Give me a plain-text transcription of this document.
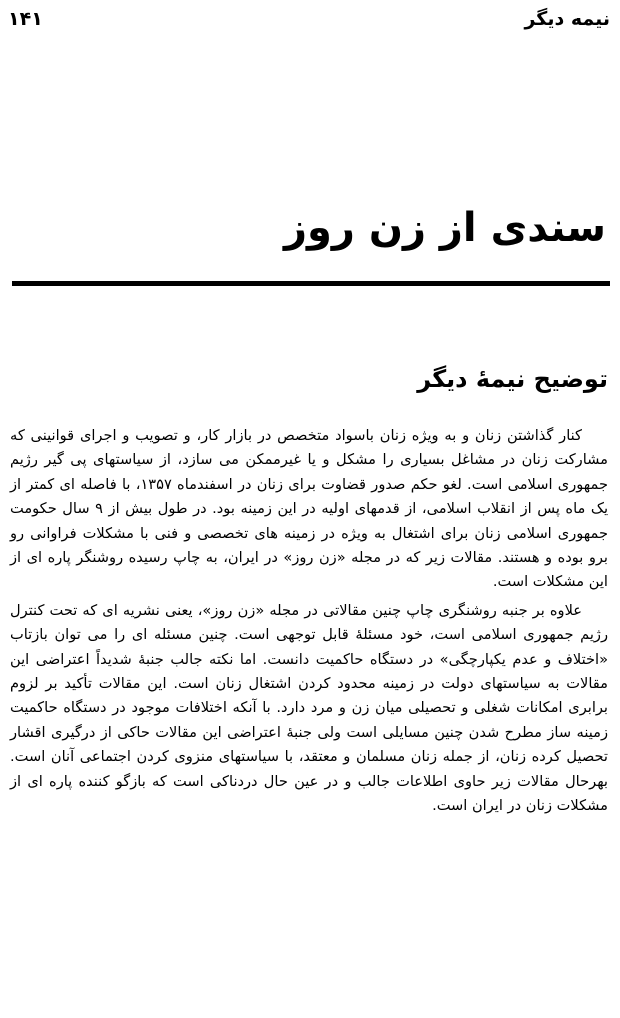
۱۴۱	نیمه دیگر
سندی از زن روز
توضیح نیمهٔ دیگر

کنار گذاشتن زنان و به ویژه زنان باسواد متخصص در بازار کار، و تصویب و اجرای قوانینی که مشارکت زنان در مشاغل بسیاری را مشکل و یا غیرممکن می سازد، از سیاستهای پی گیر رژیم جمهوری اسلامی است. لغو حکم صدور قضاوت برای زنان در اسفندماه ۱۳۵۷، با فاصله ای کمتر از یک ماه پس از انقلاب اسلامی، از قدمهای اولیه در این زمینه بود. در طول بیش از ۹ سال حکومت جمهوری اسلامی زنان برای اشتغال به ویژه در زمینه های تخصصی و فنی با مشکلات فراوانی رو برو بوده و هستند. مقالات زیر که در مجله «زن روز» در ایران، به چاپ رسیده روشنگر پاره ای از این مشکلات است.

علاوه بر جنبه روشنگری چاپ چنین مقالاتی در مجله «زن روز»، یعنی نشریه ای که تحت کنترل رژیم جمهوری اسلامی است، خود مسئلهٔ قابل توجهی است. چنین مسئله ای را می توان بازتاب «اختلاف و عدم یکپارچگی» در دستگاه حاکمیت دانست. اما نکته جالب جنبهٔ شدیداً اعتراضی این مقالات به سیاستهای دولت در زمینه محدود کردن اشتغال زنان است. این مقالات تأکید بر لزوم برابری امکانات شغلی و تحصیلی میان زن و مرد دارد. با آنکه اختلافات موجود در دستگاه حاکمیت زمینه ساز مطرح شدن چنین مسایلی است ولی جنبهٔ اعتراضی این مقالات حاکی از درگیری اقشار تحصیل کرده زنان، از جمله زنان مسلمان و معتقد، با سیاستهای منزوی کردن اجتماعی آنان است. بهرحال مقالات زیر حاوی اطلاعات جالب و در عین حال دردناکی است که بازگو کننده پاره ای از مشکلات زنان در ایران است.
